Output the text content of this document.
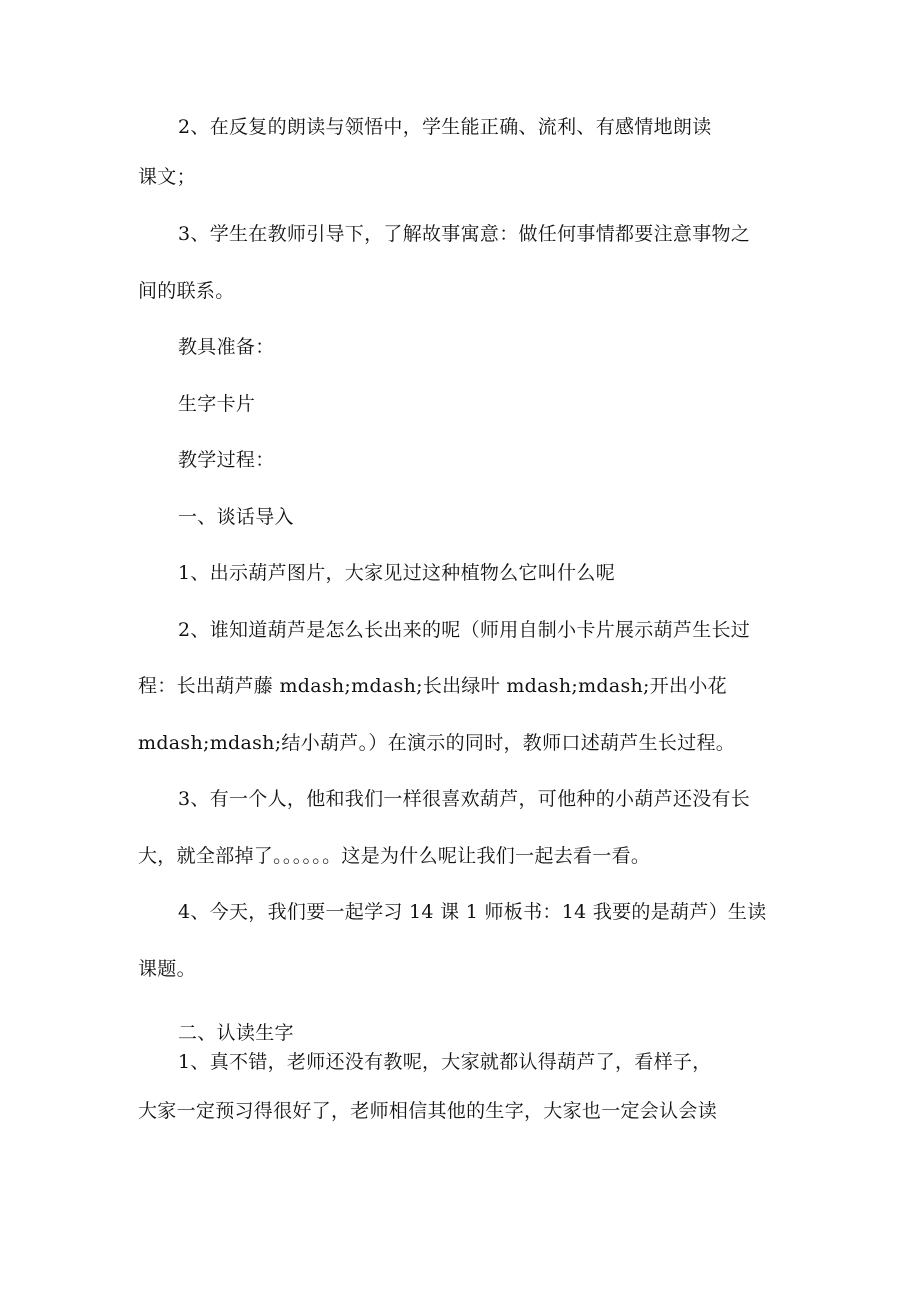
2、在反复的朗读与领悟中，学生能正确、流利、有感情地朗读
课文；
3、学生在教师引导下，了解故事寓意：做任何事情都要注意事物之
间的联系。
教具准备：
生字卡片
教学过程：
一、谈话导入
1、出示葫芦图片，大家见过这种植物么它叫什么呢
2、谁知道葫芦是怎么长出来的呢（师用自制小卡片展示葫芦生长过
程：长出葫芦藤 mdash;mdash;长出绿叶 mdash;mdash;开出小花
mdash;mdash;结小葫芦。）在演示的同时，教师口述葫芦生长过程。
3、有一个人，他和我们一样很喜欢葫芦，可他种的小葫芦还没有长
大，就全部掉了。。。。。。这是为什么呢让我们一起去看一看。
4、今天，我们要一起学习 14 课 1 师板书：14 我要的是葫芦）生读
课题。
二、认读生字
1、真不错，老师还没有教呢，大家就都认得葫芦了，看样子，
大家一定预习得很好了，老师相信其他的生字，大家也一定会认会读
